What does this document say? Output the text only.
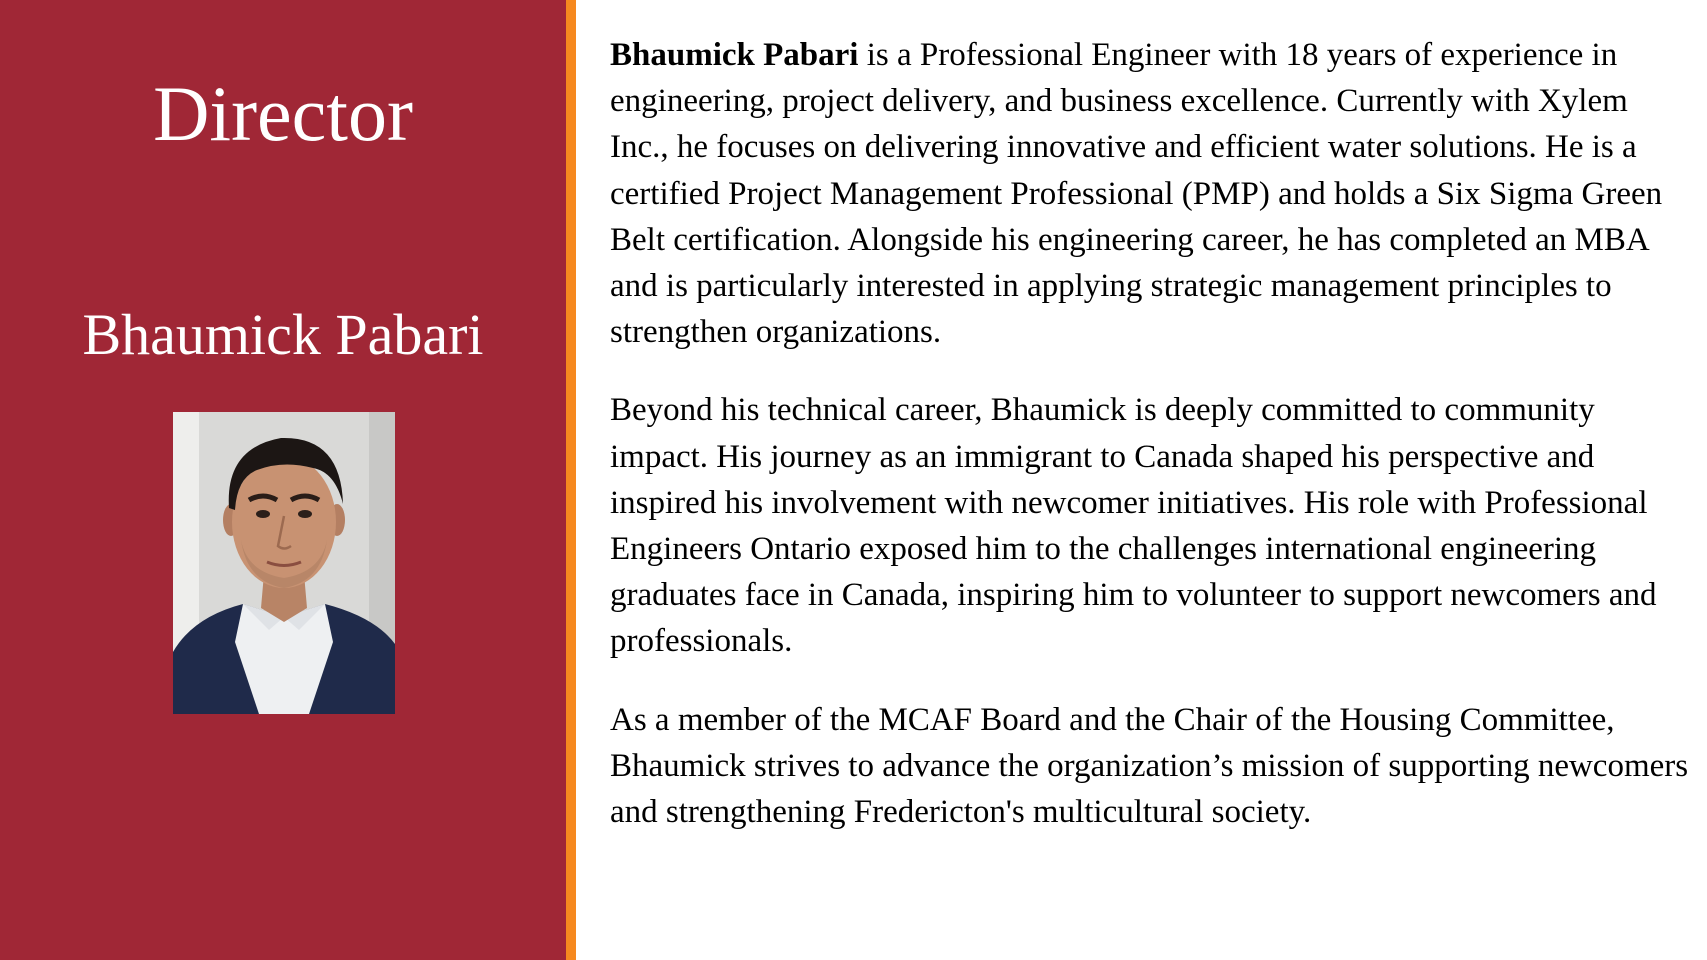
Director
Bhaumick Pabari

Bhaumick Pabari is a Professional Engineer with 18 years of experience in engineering, project delivery, and business excellence. Currently with Xylem Inc., he focuses on delivering innovative and efficient water solutions. He is a certified Project Management Professional (PMP) and holds a Six Sigma Green Belt certification. Alongside his engineering career, he has completed an MBA and is particularly interested in applying strategic management principles to strengthen organizations.

Beyond his technical career, Bhaumick is deeply committed to community impact. His journey as an immigrant to Canada shaped his perspective and inspired his involvement with newcomer initiatives. His role with Professional Engineers Ontario exposed him to the challenges international engineering graduates face in Canada, inspiring him to volunteer to support newcomers and professionals.

As a member of the MCAF Board and the Chair of the Housing Committee, Bhaumick strives to advance the organization’s mission of supporting newcomers and strengthening Fredericton's multicultural society.
